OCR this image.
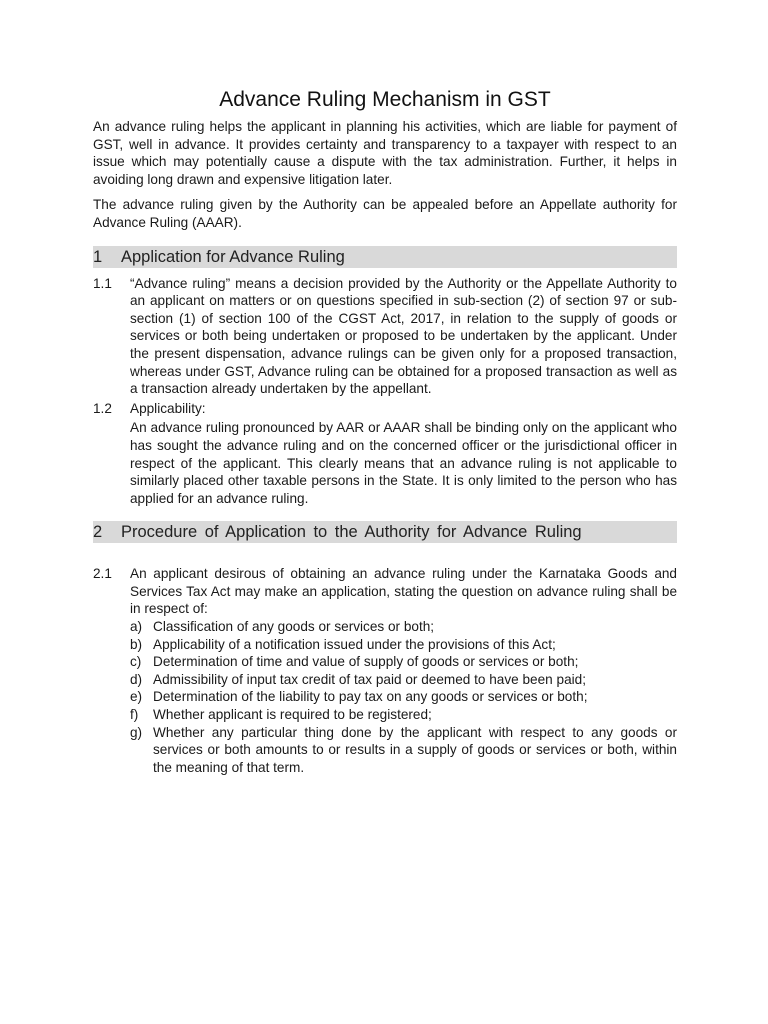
Advance Ruling Mechanism in GST

An advance ruling helps the applicant in planning his activities, which are liable for payment of GST, well in advance. It provides certainty and transparency to a taxpayer with respect to an issue which may potentially cause a dispute with the tax administration. Further, it helps in avoiding long drawn and expensive litigation later.

The advance ruling given by the Authority can be appealed before an Appellate authority for Advance Ruling (AAAR).

1	Application for Advance Ruling
1.1	“Advance ruling” means a decision provided by the Authority or the Appellate Authority to an applicant on matters or on questions specified in sub-section (2) of section 97 or sub-section (1) of section 100 of the CGST Act, 2017, in relation to the supply of goods or services or both being undertaken or proposed to be undertaken by the applicant. Under the present dispensation, advance rulings can be given only for a proposed transaction, whereas under GST, Advance ruling can be obtained for a proposed transaction as well as a transaction already undertaken by the appellant.

1.2	Applicability:

An advance ruling pronounced by AAR or AAAR shall be binding only on the applicant who has sought the advance ruling and on the concerned officer or the jurisdictional officer in respect of the applicant. This clearly means that an advance ruling is not applicable to similarly placed other taxable persons in the State. It is only limited to the person who has applied for an advance ruling.

2	Procedure of Application to the Authority for Advance Ruling
2.1	An applicant desirous of obtaining an advance ruling under the Karnataka Goods and Services Tax Act may make an application, stating the question on advance ruling shall be in respect of:

a) Classification of any goods or services or both;
b) Applicability of a notification issued under the provisions of this Act;
c) Determination of time and value of supply of goods or services or both;
d) Admissibility of input tax credit of tax paid or deemed to have been paid;
e) Determination of the liability to pay tax on any goods or services or both;
f)	Whether applicant is required to be registered;
g) Whether any particular thing done by the applicant with respect to any goods or services or both amounts to or results in a supply of goods or services or both, within the meaning of that term.
